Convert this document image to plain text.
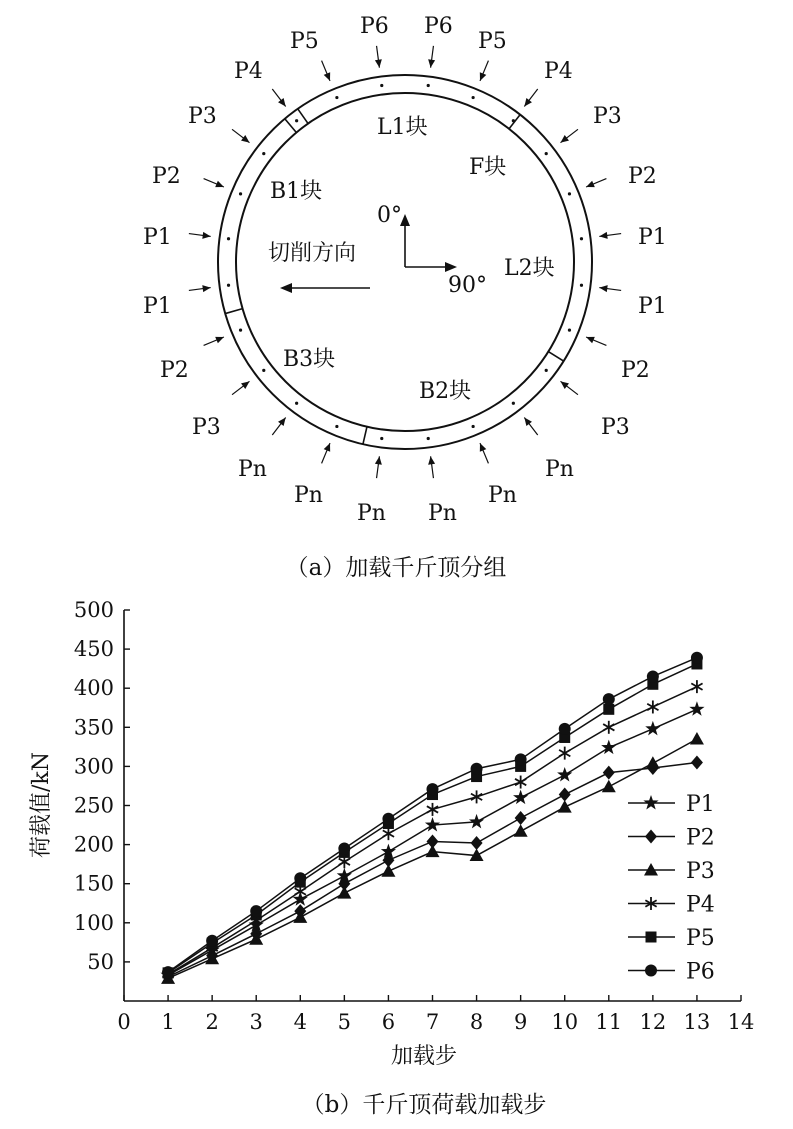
L1块
F块
B1块
L2块
B3块
B2块
0°
90°
切削方向
P6 P6
P5
P4
P3
P2
P1
P1
P2
P3
P5
P4
P3
P2
P1
P1
P2
P3
Pn
Pn
Pn Pn
Pn
Pn
（a）加载千斤顶分组
0 1 2 3 4 5 6 7 8 9 10 11 12 13 14
50
100
150
200
250
300
350
400
450
500
P1
P2
P3
P4
P5
P6
加载步
荷载值/kN
（b）千斤顶荷载加载步
